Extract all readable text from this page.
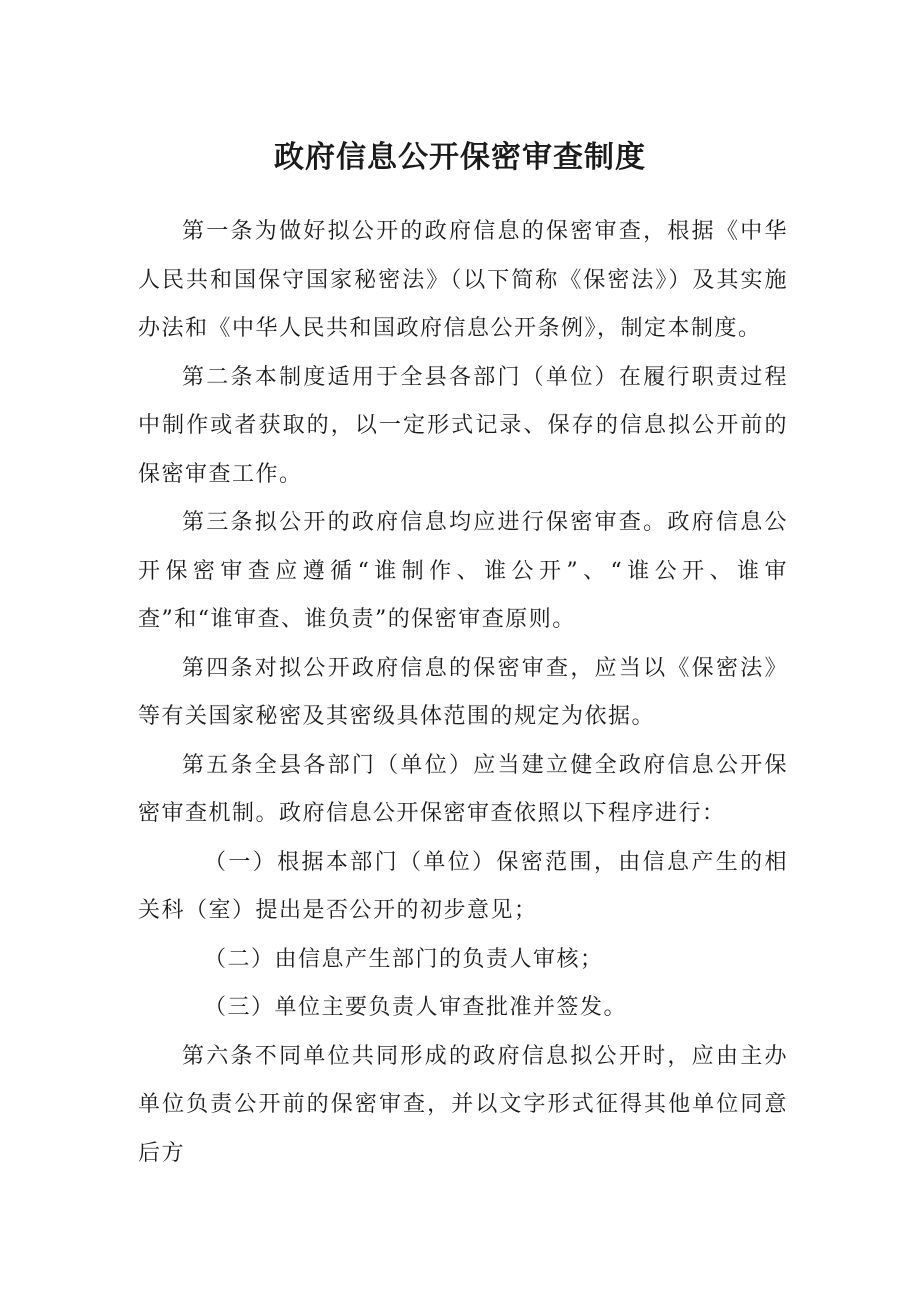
政府信息公开保密审查制度

第一条为做好拟公开的政府信息的保密审查，根据《中华人民共和国保守国家秘密法》（以下简称《保密法》）及其实施办法和《中华人民共和国政府信息公开条例》，制定本制度。

第二条本制度适用于全县各部门（单位）在履行职责过程中制作或者获取的，以一定形式记录、保存的信息拟公开前的保密审查工作。

第三条拟公开的政府信息均应进行保密审查。政府信息公开保密审查应遵循“谁制作、谁公开”、“谁公开、谁审查”和“谁审查、谁负责”的保密审查原则。

第四条对拟公开政府信息的保密审查，应当以《保密法》等有关国家秘密及其密级具体范围的规定为依据。

第五条全县各部门（单位）应当建立健全政府信息公开保密审查机制。政府信息公开保密审查依照以下程序进行：

（一）根据本部门（单位）保密范围，由信息产生的相关科（室）提出是否公开的初步意见；

（二）由信息产生部门的负责人审核；

（三）单位主要负责人审查批准并签发。

第六条不同单位共同形成的政府信息拟公开时，应由主办单位负责公开前的保密审查，并以文字形式征得其他单位同意后方
